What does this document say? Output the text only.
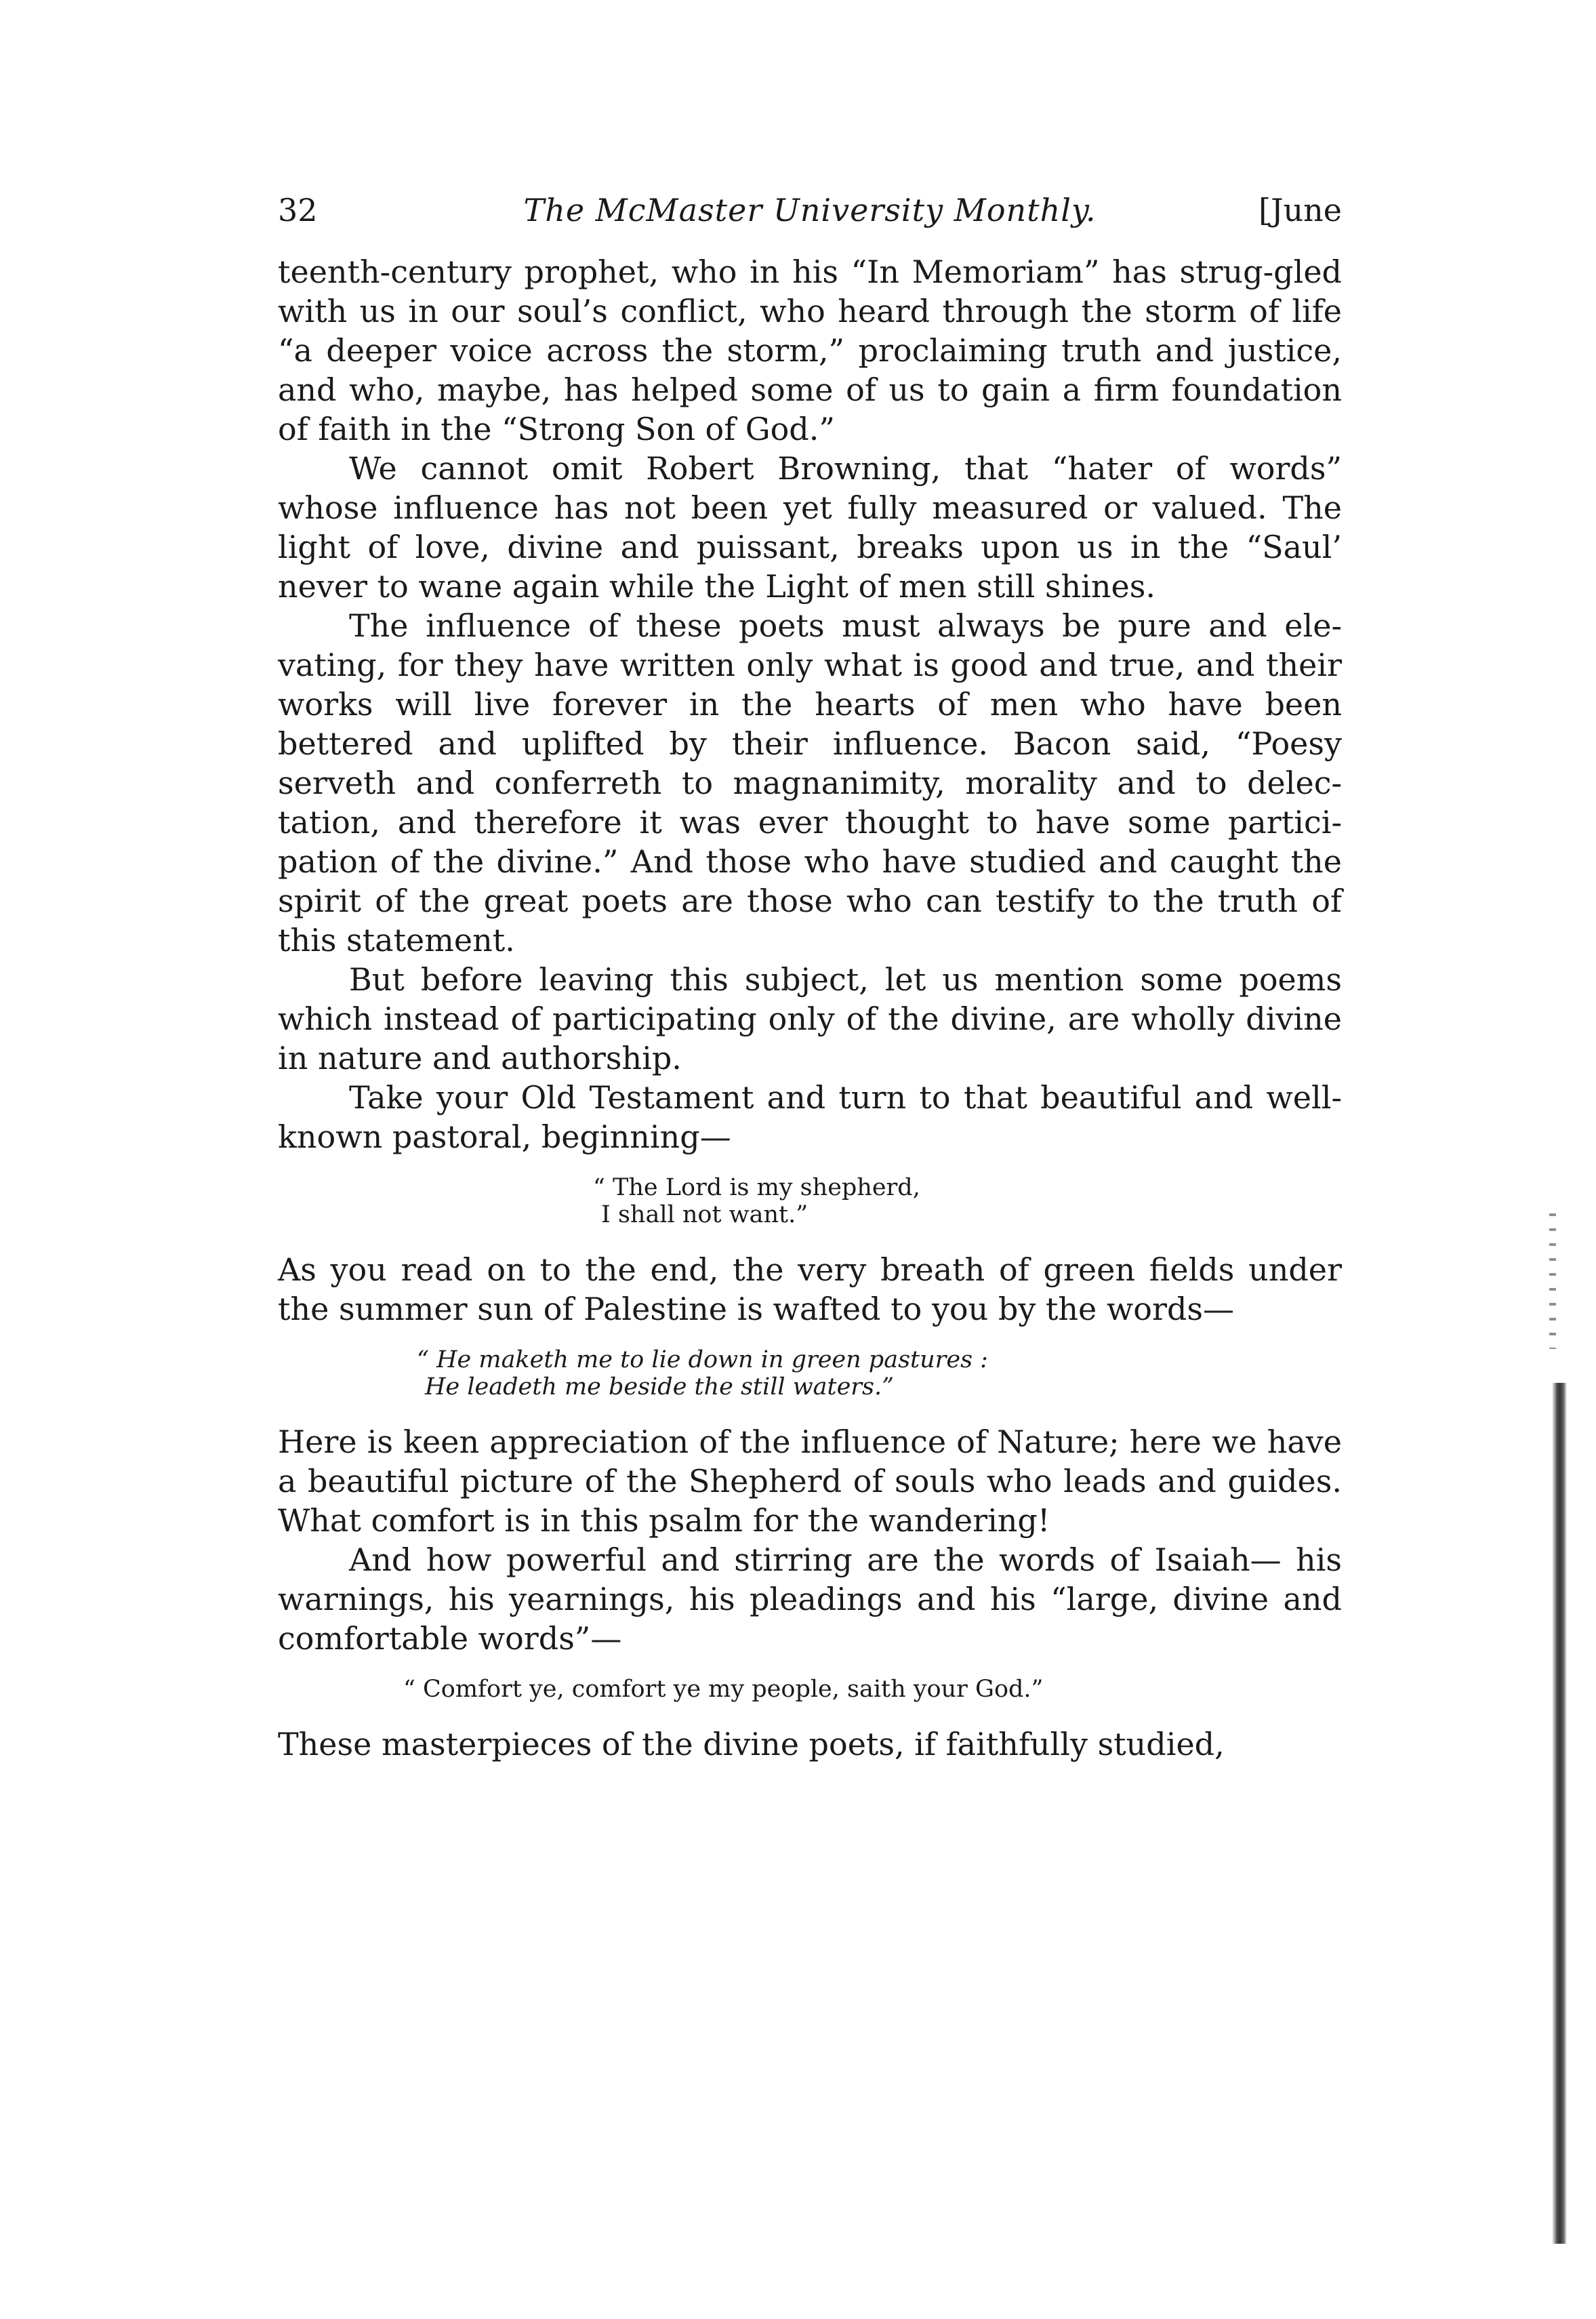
32	The McMaster University Monthly.	[June

teenth-century prophet, who in his “In Memoriam” has strug-gled with us in our soul’s conflict, who heard through the storm of life “a deeper voice across the storm,” proclaiming truth and justice, and who, maybe, has helped some of us to gain a firm foundation of faith in the “Strong Son of God.”

We cannot omit Robert Browning, that “hater of words” whose influence has not been yet fully measured or valued. The light of love, divine and puissant, breaks upon us in the “Saul’ never to wane again while the Light of men still shines.

The influence of these poets must always be pure and ele-vating, for they have written only what is good and true, and their works will live forever in the hearts of men who have been bettered and uplifted by their influence. Bacon said, “Poesy serveth and conferreth to magnanimity, morality and to delec-tation, and therefore it was ever thought to have some partici-pation of the divine.” And those who have studied and caught the spirit of the great poets are those who can testify to the truth of this statement.

But before leaving this subject, let us mention some poems which instead of participating only of the divine, are wholly divine in nature and authorship.

Take your Old Testament and turn to that beautiful and well-known pastoral, beginning—

“ The Lord is my shepherd,
I shall not want.”

As you read on to the end, the very breath of green fields under the summer sun of Palestine is wafted to you by the words—

“ He maketh me to lie down in green pastures :
He leadeth me beside the still waters.”

Here is keen appreciation of the influence of Nature; here we have a beautiful picture of the Shepherd of souls who leads and guides. What comfort is in this psalm for the wandering!

And how powerful and stirring are the words of Isaiah— his warnings, his yearnings, his pleadings and his “large, divine and comfortable words”—

“ Comfort ye, comfort ye my people, saith your God.”

These masterpieces of the divine poets, if faithfully studied,
